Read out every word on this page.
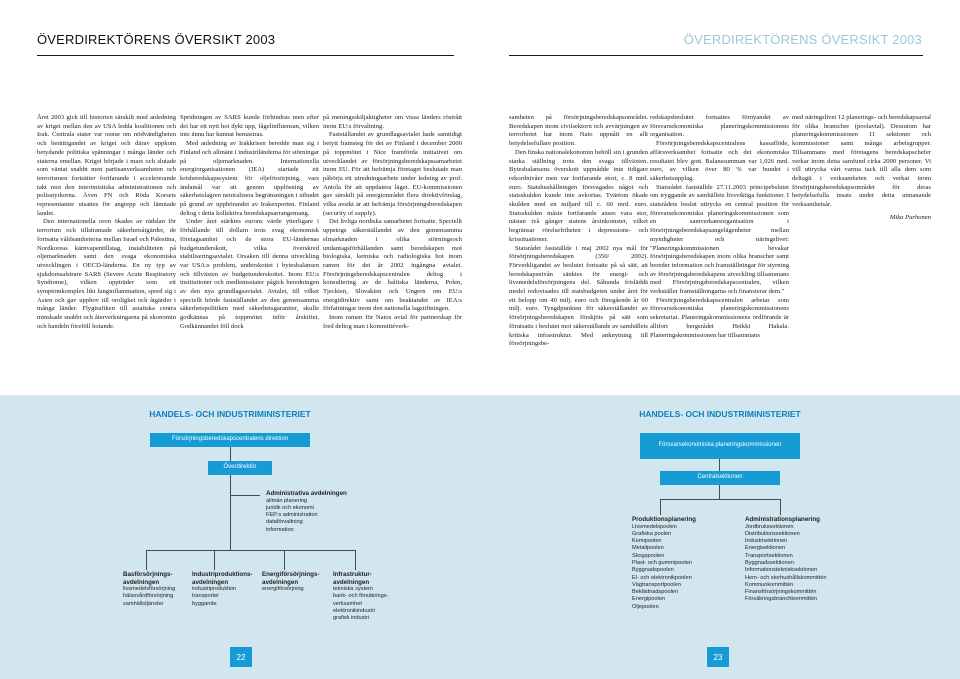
ÖVERDIREKTÖRENS ÖVERSIKT 2003	ÖVERDIREKTÖRENS ÖVERSIKT 2003

Året 2003 gick till historien särskilt med anledning av kriget mellan den av USA ledda koalitionen och Irak. Centrala stater var oense om nödvändigheten och berättigandet av kriget och därav uppkom betydande politiska spänningar i många länder och staterna emellan. Kriget började i mars och slutade som väntat snabbt men partisanverksamheten och terrorismen fortsätter fortfarande i accelererande takt mot den interimistiska administrationen och polisstyrkorna. Även FN och Röda Korsets representanter utsattes för angrepp och lämnade landet.

Den internationella oron ökades av rädslan för terrorism och tillstramade säkerhetsåtgärder, de fortsatta våldsamheterna mellan Israel och Palestina, Nordkoreas kärnvapentillstag, instabiliteten på oljemarknaden samt den svaga ekonomiska utvecklingen i OECD-länderna. En ny typ av sjukdomsalstrare SARS (Severe Acute Respiratory Syndrome), vilken uppträder som ett symptomkomplex likt lunginflammation, spred sig i Asien och gav upphov till oroligket och åtgärder i många länder. Flygtrafiken till asiatiska centra minskade snabbt och återverkningarna på ekonomin och handeln föreföll hotande.

Spridningen av SARS kunde förhindras men efter det har ett nytt hot dykt upp, fågelinfluensan, vilken inte ännu har kunnat bemästras.

Med anledning av Irakkrisen beredde man sig i Finland och allmänt i industriländerna för störningar på oljemarknaden. Internationella energiorganisationen (IEA) startade ett krisberedskapssystem för oljeförsörjning, vars ändamål var att genom upplösning av säkerhetslagren neutralisera begränsningen i utbudet på grund av upphörandet av Irakexporten. Finland deltog i detta kollektiva beredskapsarrangemang.

Under året stärktes eurons värde ytterligare i förhållande till dollarn trots svag ekonomisk företagsamhet och de stora EU-ländernas budgetunderskott, vilka överskred stabiliseringsavtalet. Orsaken till denna utveckling var USA:s problem, underskottet i bytesbalansen och tillväxten av budgetunderskottet. Inom EU:s institutioner och medlemsstater pågick beredningen av den nya grundlagsavtalet. Avtalet, till vilket speciellt hörde fastställandet av den gemensamma säkerhetspolitiken med säkerhetsgarantier, skulle godkännas på toppmötet inför årskiftet. Godkännandet föll dock

på meningsskiljaktigheter om vissa länders röstrått inom EU:s förvaltning.

Fastställandet av grundlagsavtalet hade samtidigt betytt framsteg för det av Finland i december 2000 på toppmötet i Nice framförda initiativet om utvecklandet av försörjningsberedskapssamarbetet inom EU. För att befrämja företaget beslutade man påbörja ett utredningsarbete under ledning av prof. Antola för att uppdatera läget. EU-kommissionen gav särskilt på energiområdet flera direktivförslag, vilka avsikt är att befrämja försörjningsberedskapen (security of supply).

Det livliga nordiska samarbetet fortsatte. Speciellt uppstogs säkerställandet av den gemensamma elmarknaden i olika störningsoch undantagsförhållanden samt beredskapen mot biologiska, kemiska och radiologiska hot inom ramen för det år 2002 ingångna avtalet. Försörjningsberedskapscentralen deltog i konsultering av de baltiska länderna, Polen, Tjeckien, Slovakien och Ungern om EU:s energidirektiv samt om beaktandet av IEA:s författningar inom den nationella lagstiftningen.

Inom ramen för Natos avtal för partnerskap för fred deltog man i kommittéverk-

samheten på försörjningsberedskapsområdet. Beredskapen inom civilsektorn och avvärjningen av terrorhotet har inom Nato uppnått en allt betydelsefullare position.

Den finska nationalekonomin behöll sin i grunden starka ställning trots den svaga tillväxten. Bytesbalansens överskott uppnådde inte tidigare rekordnivåer men var fortfarande stort, c. 8 mrd. euro. Statshushållningen försvagades något och statsskulden kunde inte avkortas. Tvärtom ökade skulden med en miljard till c. 60 mrd. euro. Statsskulden måste fortfarande anses vara stor, nästan två gånger statens årsinkomster, vilket begränsar rörelsefriheten i depressions- och krissituationer.

Statsrådet fastställde i maj 2002 nya mål för försörjningsberedskapen (350/ 2002). Förverkligandet av beslutet fortsatte på så sätt, att beredskapsnivån sänktes för energi- och livsmedelsförsörjningens del. Såhunda frisläddä medel redovisades till statsbudgeten under året för ett belopp om 40 milj. euro och föregående år 60 milj. euro. Tyngdpunkten för säkerställandet av försörjningsberedskapen förskjöts på sätt som förutsatts i beslutet mot säkerställande av samhällets kritiska infrastruktur. Med anknytning till försörjningsbe-

redskapsbeslutet fortsattes förnyandet av försvarsekonomiska planeringskommissionens organisation.

Försörjningsberedskapscentralens kassaflöde, affärsverksamhet fortsatte och det ekonomiska resultatet blev gott. Balanssumman var 1,026 mrd. euro, av vilken över 80 % var bundet i säkerhetsupplag.

Statsrådet fastställde 27.11.2003 principebslutet om tryggande av samhällets livsviktiga funktioner. I statsrådets beslut uttrycks en central position för försvarsekonomiska planeringskommissionen som en samverkansorganisation i försörjningsberedskapsangelägenheter mellan myndigheter och näringslivet: "Planeringskommissionen bevakar försörjningsberedskapen inom olika branscher samt bereder information och framställningar för styrning av försörjningsberedskapens utveckling tillsammans med Försörjningsberedskapscentralen, vilken verkställer framställningarna och finansierar dem."

Försörjningsberedskapscentralen arbetar som försvarsekonomiska planeringskommissionens sekretariat. Planeringskommissionens ordförande är alltfort bergsrådet Heikki Hakala. Planeringskommissionen har tillsammans

med näringslivet 12 planerings- och beredskapsavtal för olika branscher (poolavtal). Dessutom har planeringskommissionen 11 sektioner och kommissioner samt många arbetsgrupper. Tillsammans med företagens beredskapschefer verkar inom detta samfund cirka 2000 personer. Vi vill uttrycka vårt varma tack till alla dem som deltagit i verksamheten och verkat inom försörjningsberedskapsområdet för deras betydelsefulla insats under detta utmanande verksamhetsår.

Mika Purhonen
HANDELS- OCH INDUSTRIMINISTERIET
Försörjningsberedskapscentralens direktion
Överdirektör
Administrativa avdelningen
allmän planering
juridik och ekonomi
FEP:s administration
dataförvaltning
information
Basförsörjnings-avdelningen
livsmedelsförsörjning
hälsovårdförsörjning
samhällstjänster
Industriproduktions-avdelningen
industriproduktion
transporter
byggande
Energiförsörjnings-avdelningen
energiförsörjning
Infrastruktur-avdelningen
tekniska system
bank- och försäkrings-verksamhet
elektronikindustri
grafisk industri
HANDELS- OCH INDUSTRIMINISTERIET
Försvarsekonomiska planeringskommissionen
Centralsektionen
Produktionsplanering
Livsmedelspoolen
Grafiska poolen
Kemipoolen
Metallpoolen
Skogspoolen
Plast- och gummipoolen
Byggnadspoolen
El- och elektronikpoolen
Vägtransportpoolen
Beklädnadspoolen
Energipoolen
Oljepoolen
Administrationsplanering
Jordbrukssektionen
Distributionssektionen
Industrisektionen
Energisektionen
Transportsektionen
Byggnadssektionen
Informationsteknisksektionen
Hem- och storhushållskommittén
Kommunkommittén
Finansförsörjningskommittén
Försäkringsbranchkommittén
22	23
